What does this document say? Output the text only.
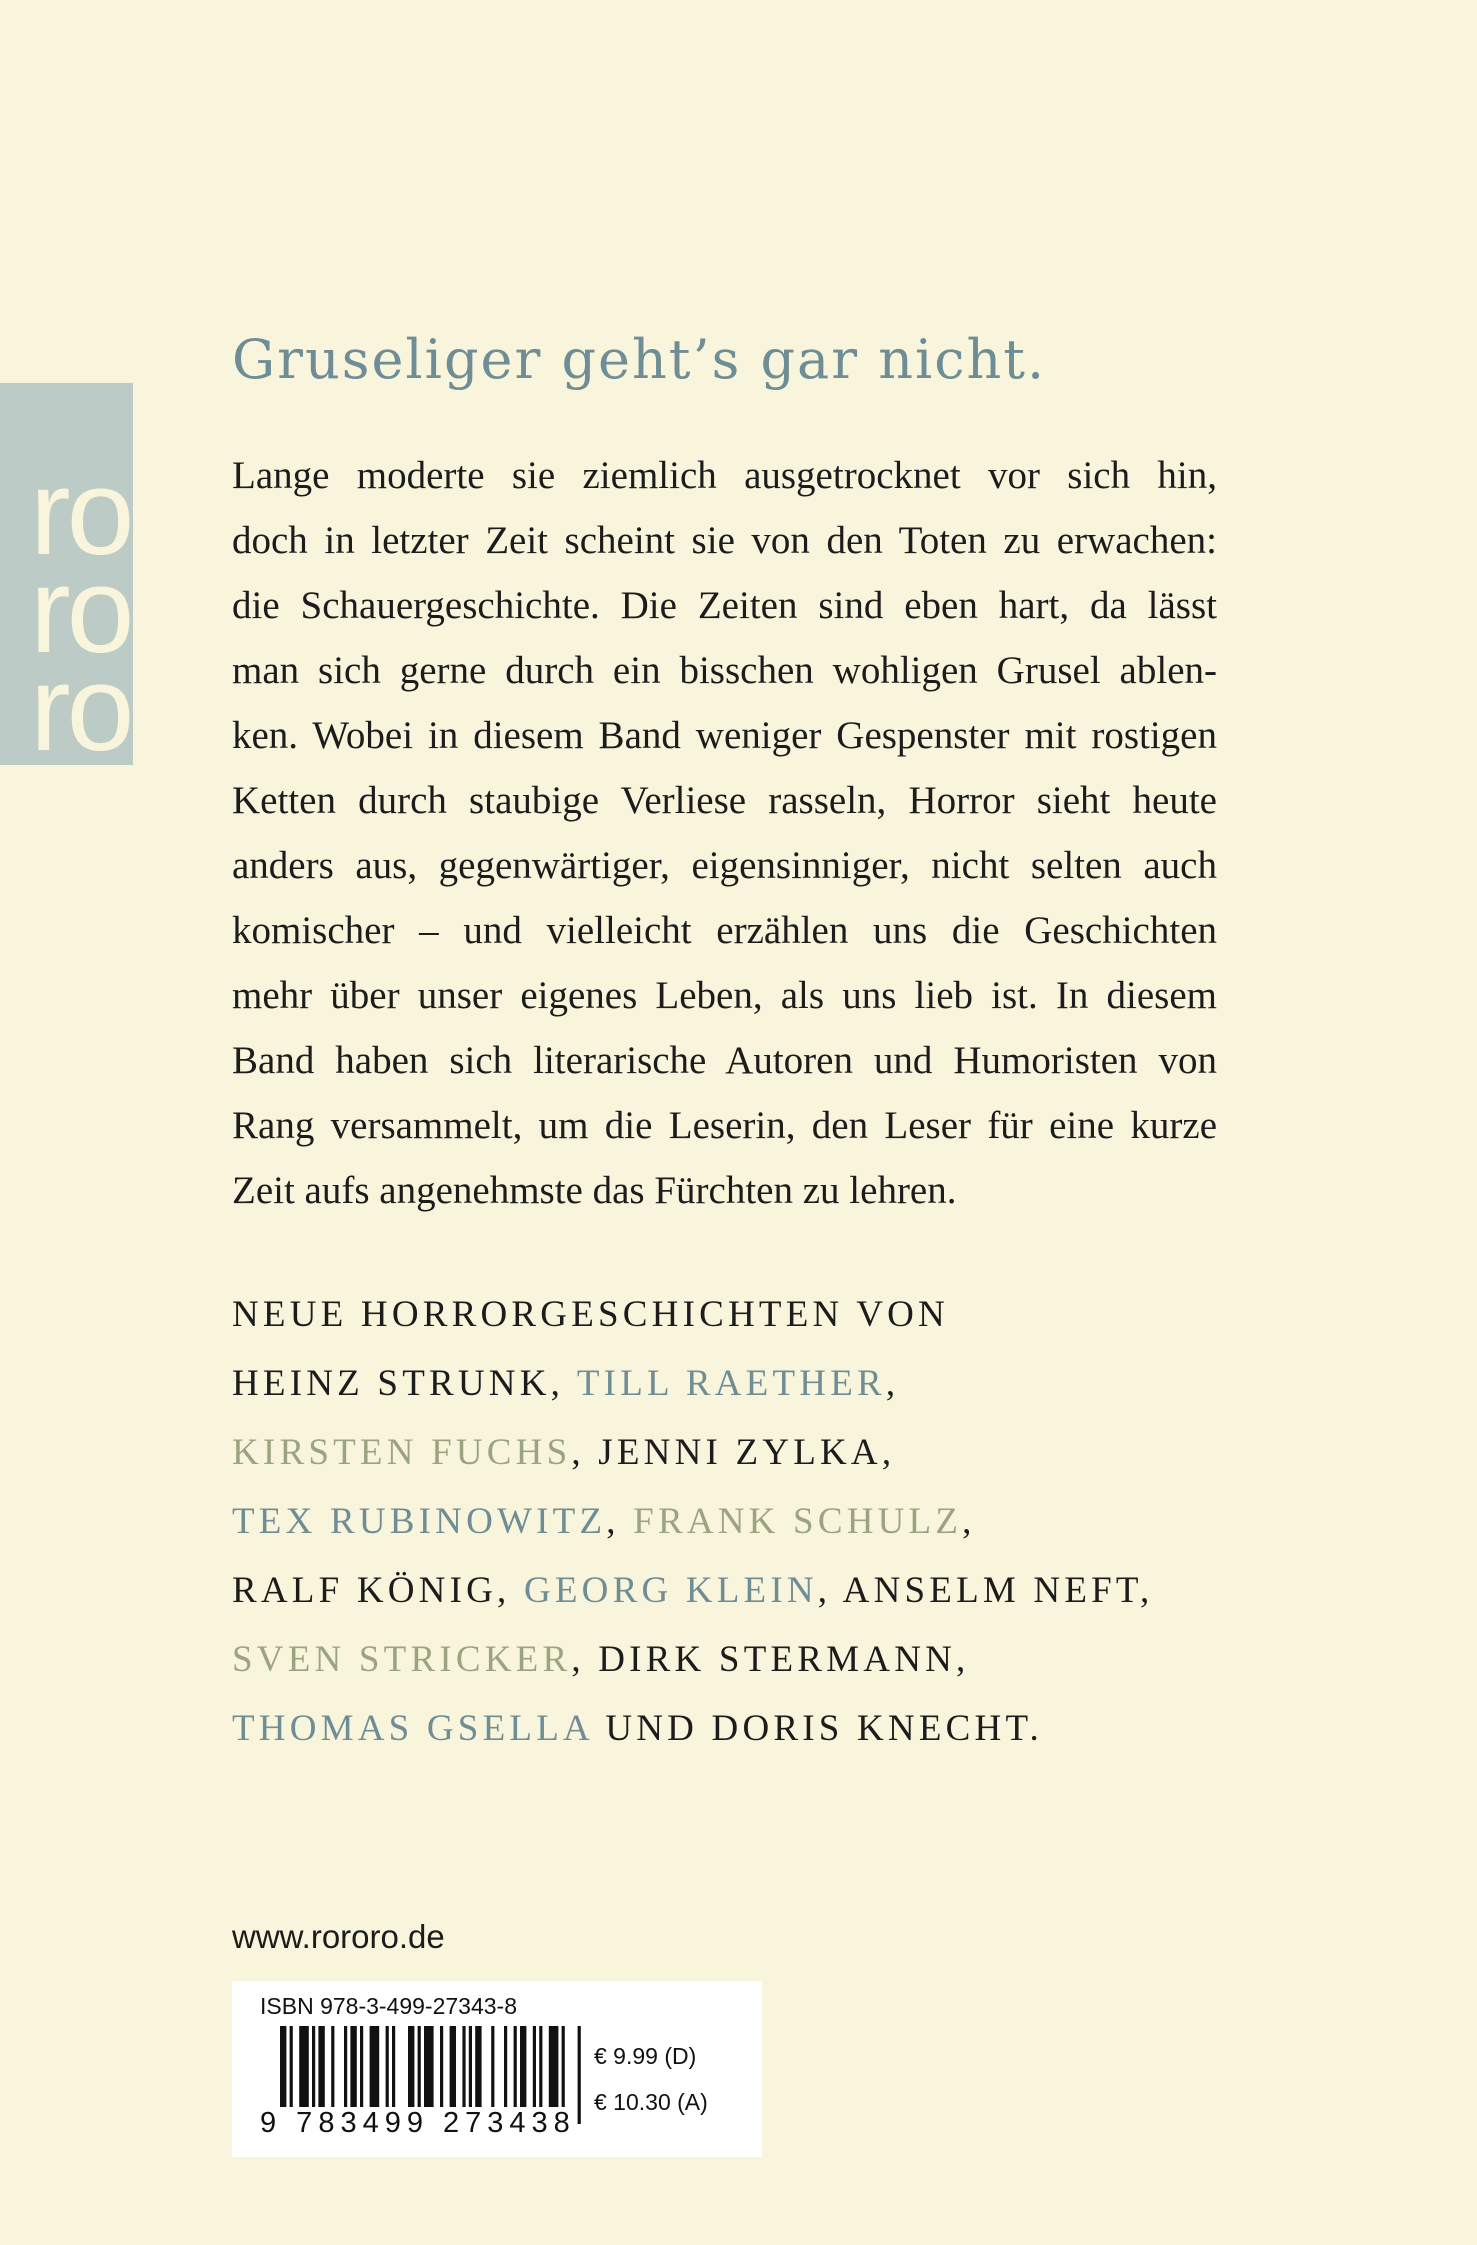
ro
ro
ro
Gruseliger geht’s gar nicht.
Lange moderte sie ziemlich ausgetrocknet vor sich hin,
doch in letzter Zeit scheint sie von den Toten zu erwachen:
die Schauergeschichte. Die Zeiten sind eben hart, da lässt
man sich gerne durch ein bisschen wohligen Grusel ablen-
ken. Wobei in diesem Band weniger Gespenster mit rostigen
Ketten durch staubige Verliese rasseln, Horror sieht heute
anders aus, gegenwärtiger, eigensinniger, nicht selten auch
komischer – und vielleicht erzählen uns die Geschichten
mehr über unser eigenes Leben, als uns lieb ist. In diesem
Band haben sich literarische Autoren und Humoristen von
Rang versammelt, um die Leserin, den Leser für eine kurze
Zeit aufs angenehmste das Fürchten zu lehren.
NEUE HORRORGESCHICHTEN VON
HEINZ STRUNK, TILL RAETHER,
KIRSTEN FUCHS, JENNI ZYLKA,
TEX RUBINOWITZ, FRANK SCHULZ,
RALF KÖNIG, GEORG KLEIN, ANSELM NEFT,
SVEN STRICKER, DIRK STERMANN,
THOMAS GSELLA UND DORIS KNECHT.
www.rororo.de
ISBN 978-3-499-27343-8
9 783499 273438
€ 9.99 (D)
€ 10.30 (A)
